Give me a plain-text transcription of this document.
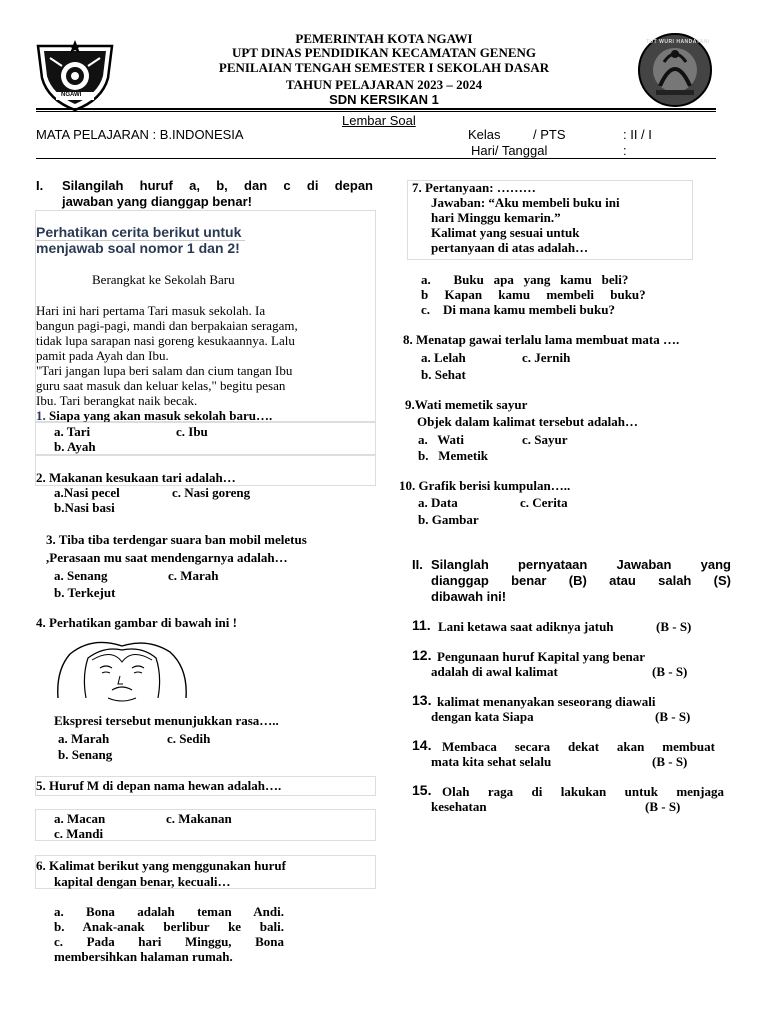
NGAWI
TUT WURI HANDAYANI
PEMERINTAH KOTA NGAWI
UPT DINAS PENDIDIKAN KECAMATAN GENENG
PENILAIAN TENGAH SEMESTER I SEKOLAH DASAR
TAHUN PELAJARAN 2023 – 2024
SDN KERSIKAN 1
Lembar Soal
MATA PELAJARAN : B.INDONESIA	Kelas / PTS	: II / I
Hari/ Tanggal	:
I. Silangilah huruf a, b, dan c di depan
jawaban yang dianggap benar!
Perhatikan cerita berikut untuk
menjawab soal nomor 1 dan 2!
Berangkat ke Sekolah Baru
Hari ini hari pertama Tari masuk sekolah. Ia
bangun pagi-pagi, mandi dan berpakaian seragam,
tidak lupa sarapan nasi goreng kesukaannya. Lalu
pamit pada Ayah dan Ibu.
"Tari jangan lupa beri salam dan cium tangan Ibu
guru saat masuk dan keluar kelas," begitu pesan
Ibu. Tari berangkat naik becak.
1. Siapa yang akan masuk sekolah baru….
a. Tari	c. Ibu
b. Ayah
2. Makanan kesukaan tari adalah…
a.Nasi pecel	c. Nasi goreng
b.Nasi basi
3. Tiba tiba terdengar suara ban mobil meletus
,Perasaan mu saat mendengarnya adalah…
a. Senang	c. Marah
b. Terkejut
4. Perhatikan gambar di bawah ini !
Ekspresi tersebut menunjukkan rasa…..
a. Marah	c. Sedih
b. Senang
5. Huruf M di depan nama hewan adalah….
a. Macan	c. Makanan
c. Mandi
6. Kalimat berikut yang menggunakan huruf
kapital dengan benar, kecuali…
a.     Bona     adalah     teman     Andi.
b.    Anak-anak    berlibur    ke    bali.
c.     Pada     hari     Minggu,     Bona
membersihkan halaman rumah.
7. Pertanyaan: ………
Jawaban: “Aku membeli buku ini
hari Minggu kemarin.”
Kalimat yang sesuai untuk
pertanyaan di atas adalah…
a.       Buku   apa   yang   kamu   beli?
b     Kapan     kamu     membeli     buku?
c.    Di mana kamu membeli buku?
8. Menatap gawai terlalu lama membuat mata ….
a. Lelah	c. Jernih
b. Sehat
9.Wati memetik sayur
Objek dalam kalimat tersebut adalah…
a.   Wati	c. Sayur
b.   Memetik
10. Grafik berisi kumpulan…..
a. Data	c. Cerita
b. Gambar
II. Silanglah    pernyataan    Jawaban    yang
dianggap    benar    (B)    atau    salah    (S)
dibawah ini!
11. Lani ketawa saat adiknya jatuh	(B - S)
12. Pengunaan huruf Kapital yang benar
adalah di awal kalimat	(B - S)
13. kalimat menanyakan seseorang diawali
dengan kata Siapa	(B - S)
14. Membaca   secara   dekat   akan   membuat
mata kita sehat selalu	(B - S)
15. Olah   raga   di   lakukan   untuk   menjaga
kesehatan	(B - S)
